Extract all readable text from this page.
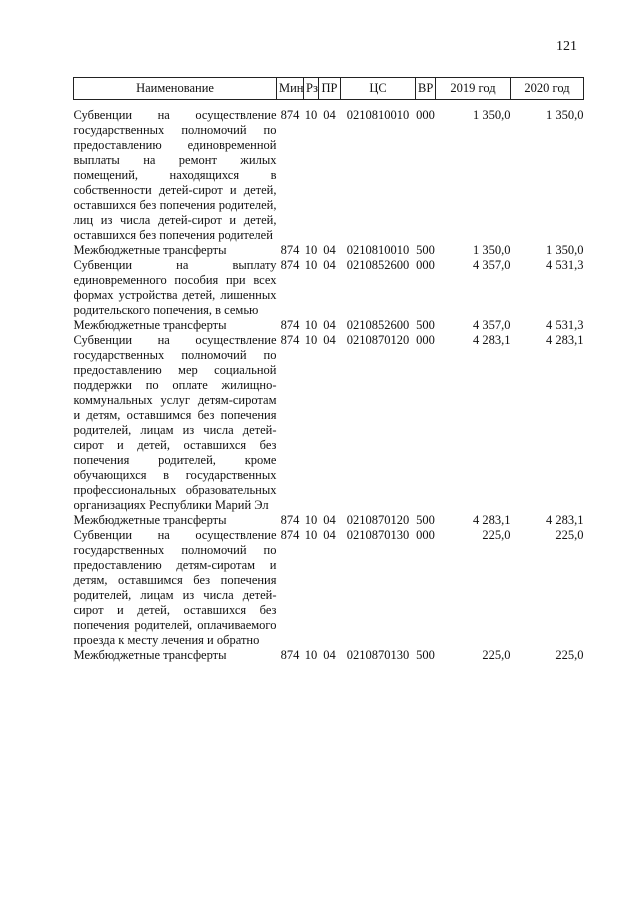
121
Наименование	Мин	Рз	ПР	ЦС	ВР	2019 год	2020 год
Субвенции на осуществление государственных полномочий по предоставлению единовременной выплаты на ремонт жилых помещений, находящихся в собственности детей-сирот и детей, оставшихся без попечения родителей, лиц из числа детей-сирот и детей, оставшихся без попечения родителей	874	10	04	0210810010	000	1 350,0	1 350,0
Межбюджетные трансферты	874	10	04	0210810010	500	1 350,0	1 350,0
Субвенции на выплату единовременного пособия при всех формах устройства детей, лишенных родительского попечения, в семью	874	10	04	0210852600	000	4 357,0	4 531,3
Межбюджетные трансферты	874	10	04	0210852600	500	4 357,0	4 531,3
Субвенции на осуществление государственных полномочий по предоставлению мер социальной поддержки по оплате жилищно-коммунальных услуг детям-сиротам и детям, оставшимся без попечения родителей, лицам из числа детей-сирот и детей, оставшихся без попечения родителей, кроме обучающихся в государственных профессиональных образовательных организациях Республики Марий Эл	874	10	04	0210870120	000	4 283,1	4 283,1
Межбюджетные трансферты	874	10	04	0210870120	500	4 283,1	4 283,1
Субвенции на осуществление государственных полномочий по предоставлению детям-сиротам и детям, оставшимся без попечения родителей, лицам из числа детей-сирот и детей, оставшихся без попечения родителей, оплачиваемого проезда к месту лечения и обратно	874	10	04	0210870130	000	225,0	225,0
Межбюджетные трансферты	874	10	04	0210870130	500	225,0	225,0
